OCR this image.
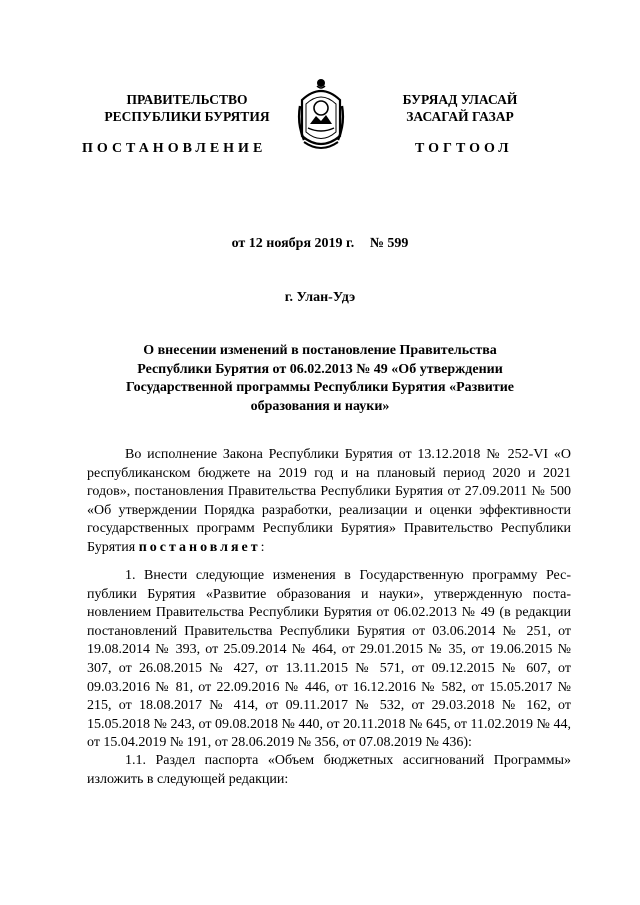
ПРАВИТЕЛЬСТВО
РЕСПУБЛИКИ БУРЯТИЯ
БУРЯАД УЛАСАЙ
ЗАСАГАЙ ГАЗАР
ПОСТАНОВЛЕНИЕ	ТОГТООЛ
от 12 ноября 2019 г. № 599
г. Улан-Удэ
О внесении изменений в постановление Правительства Республики Бурятия от 06.02.2013 № 49 «Об утверждении Государственной программы Республики Бурятия «Развитие образования и науки»
Во исполнение Закона Республики Бурятия от 13.12.2018 № 252-VI «О республиканском бюджете на 2019 год и на плановый период 2020 и 2021 годов», постановления Правительства Республики Бурятия от 27.09.2011 № 500 «Об утверждении Порядка разработки, реализации и оценки эффективности государственных программ Республики Бурятия» Правительство Республики Бурятия постановляет:
1. Внести следующие изменения в Государственную программу Республики Бурятия «Развитие образования и науки», утвержденную постановлением Правительства Республики Бурятия от 06.02.2013 № 49 (в редакции постановлений Правительства Республики Бурятия от 03.06.2014 № 251, от 19.08.2014 № 393, от 25.09.2014 № 464, от 29.01.2015 № 35, от 19.06.2015 № 307, от 26.08.2015 № 427, от 13.11.2015 № 571, от 09.12.2015 № 607, от 09.03.2016 № 81, от 22.09.2016 № 446, от 16.12.2016 № 582, от 15.05.2017 № 215, от 18.08.2017 № 414, от 09.11.2017 № 532, от 29.03.2018 № 162, от 15.05.2018 № 243, от 09.08.2018 № 440, от 20.11.2018 № 645, от 11.02.2019 № 44, от 15.04.2019 № 191, от 28.06.2019 № 356, от 07.08.2019 № 436):
1.1. Раздел паспорта «Объем бюджетных ассигнований Программы» изложить в следующей редакции:
